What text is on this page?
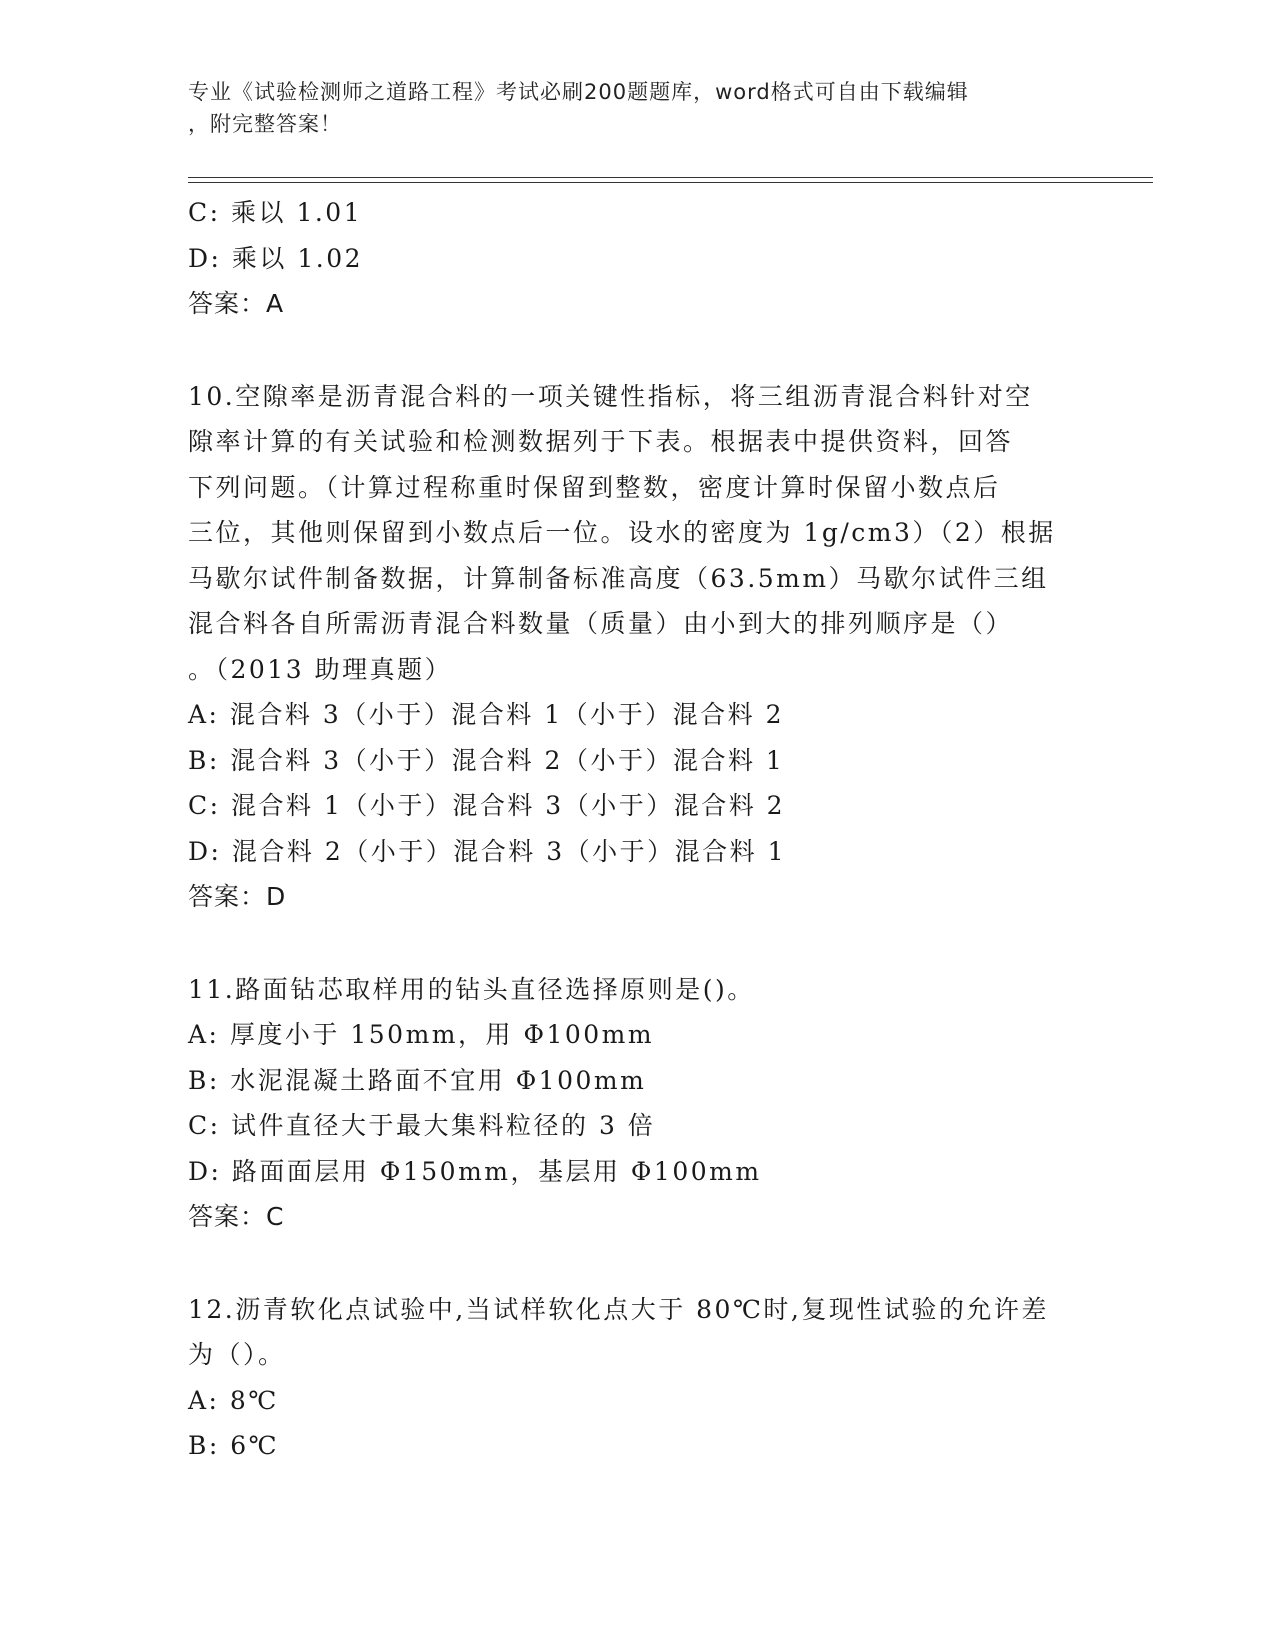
专业《试验检测师之道路工程》考试必刷200题题库，word格式可自由下载编辑
，附完整答案！
C: 乘以 1.01
D: 乘以 1.02
答案：A
10.空隙率是沥青混合料的一项关键性指标，将三组沥青混合料针对空
隙率计算的有关试验和检测数据列于下表。根据表中提供资料，回答
下列问题。（计算过程称重时保留到整数，密度计算时保留小数点后
三位，其他则保留到小数点后一位。设水的密度为 1g/cm3）（2）根据
马歇尔试件制备数据，计算制备标准高度（63.5mm）马歇尔试件三组
混合料各自所需沥青混合料数量（质量）由小到大的排列顺序是（）
。（2013 助理真题）
A: 混合料 3（小于）混合料 1（小于）混合料 2
B: 混合料 3（小于）混合料 2（小于）混合料 1
C: 混合料 1（小于）混合料 3（小于）混合料 2
D: 混合料 2（小于）混合料 3（小于）混合料 1
答案：D
11.路面钻芯取样用的钻头直径选择原则是()。
A: 厚度小于 150mm，用 Φ100mm
B: 水泥混凝土路面不宜用 Φ100mm
C: 试件直径大于最大集料粒径的 3 倍
D: 路面面层用 Φ150mm，基层用 Φ100mm
答案：C
12.沥青软化点试验中,当试样软化点大于 80℃时,复现性试验的允许差
为（）。
A: 8℃
B: 6℃
